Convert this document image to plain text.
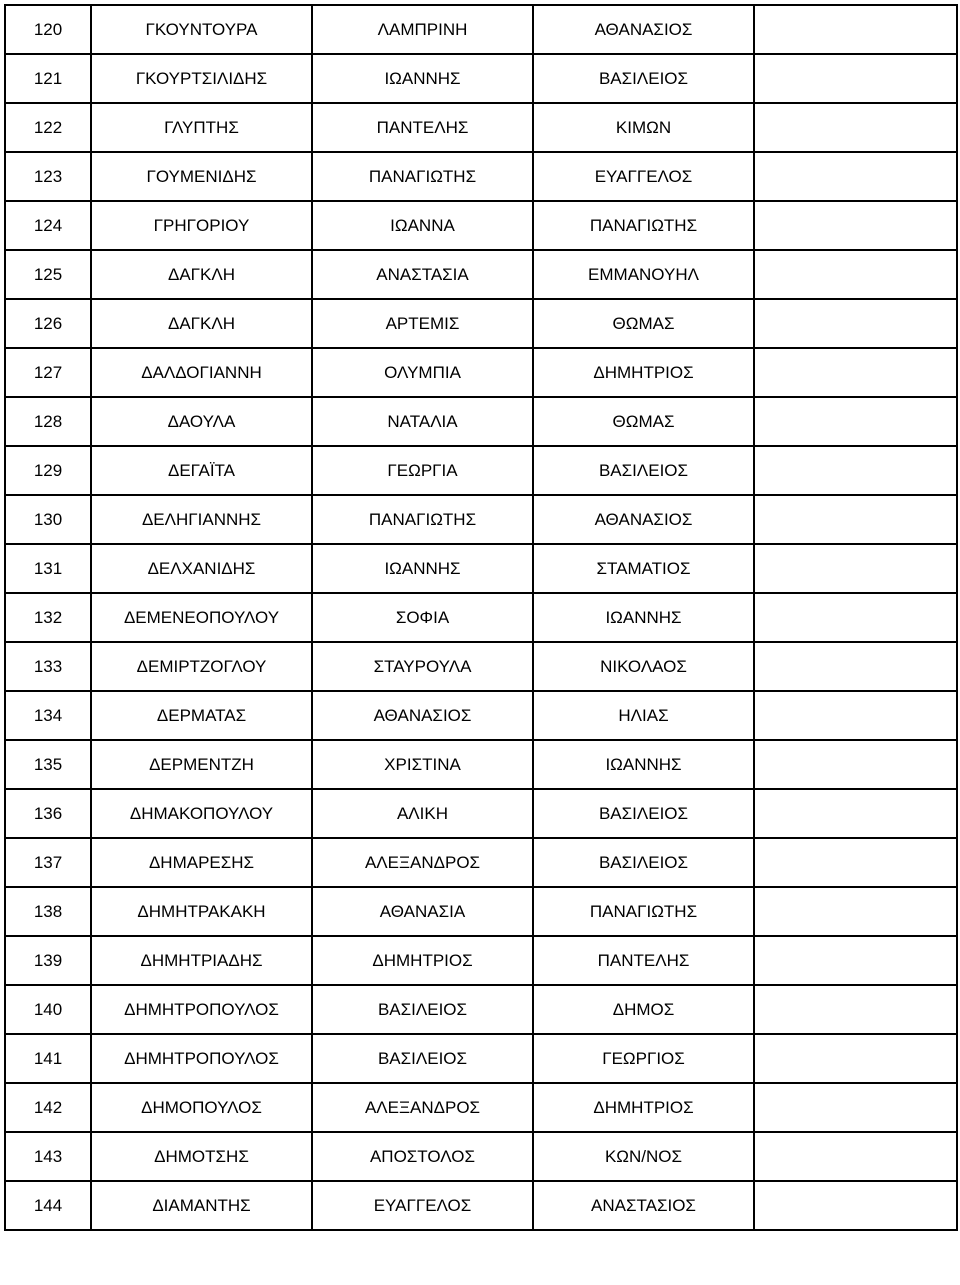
120	ΓΚΟΥΝΤΟΥΡΑ	ΛΑΜΠΡΙΝΗ	ΑΘΑΝΑΣΙΟΣ	
121	ΓΚΟΥΡΤΣΙΛΙΔΗΣ	ΙΩΑΝΝΗΣ	ΒΑΣΙΛΕΙΟΣ	
122	ΓΛΥΠΤΗΣ	ΠΑΝΤΕΛΗΣ	ΚΙΜΩΝ	
123	ΓΟΥΜΕΝΙΔΗΣ	ΠΑΝΑΓΙΩΤΗΣ	ΕΥΑΓΓΕΛΟΣ	
124	ΓΡΗΓΟΡΙΟΥ	ΙΩΑΝΝΑ	ΠΑΝΑΓΙΩΤΗΣ	
125	ΔΑΓΚΛΗ	ΑΝΑΣΤΑΣΙΑ	ΕΜΜΑΝΟΥΗΛ	
126	ΔΑΓΚΛΗ	ΑΡΤΕΜΙΣ	ΘΩΜΑΣ	
127	ΔΑΛΔΟΓΙΑΝΝΗ	ΟΛΥΜΠΙΑ	ΔΗΜΗΤΡΙΟΣ	
128	ΔΑΟΥΛΑ	ΝΑΤΑΛΙΑ	ΘΩΜΑΣ	
129	ΔΕΓΑΪΤΑ	ΓΕΩΡΓΙΑ	ΒΑΣΙΛΕΙΟΣ	
130	ΔΕΛΗΓΙΑΝΝΗΣ	ΠΑΝΑΓΙΩΤΗΣ	ΑΘΑΝΑΣΙΟΣ	
131	ΔΕΛΧΑΝΙΔΗΣ	ΙΩΑΝΝΗΣ	ΣΤΑΜΑΤΙΟΣ	
132	ΔΕΜΕΝΕΟΠΟΥΛΟΥ	ΣΟΦΙΑ	ΙΩΑΝΝΗΣ	
133	ΔΕΜΙΡΤΖΟΓΛΟΥ	ΣΤΑΥΡΟΥΛΑ	ΝΙΚΟΛΑΟΣ	
134	ΔΕΡΜΑΤΑΣ	ΑΘΑΝΑΣΙΟΣ	ΗΛΙΑΣ	
135	ΔΕΡΜΕΝΤΖΗ	ΧΡΙΣΤΙΝΑ	ΙΩΑΝΝΗΣ	
136	ΔΗΜΑΚΟΠΟΥΛΟΥ	ΑΛΙΚΗ	ΒΑΣΙΛΕΙΟΣ	
137	ΔΗΜΑΡΕΣΗΣ	ΑΛΕΞΑΝΔΡΟΣ	ΒΑΣΙΛΕΙΟΣ	
138	ΔΗΜΗΤΡΑΚΑΚΗ	ΑΘΑΝΑΣΙΑ	ΠΑΝΑΓΙΩΤΗΣ	
139	ΔΗΜΗΤΡΙΑΔΗΣ	ΔΗΜΗΤΡΙΟΣ	ΠΑΝΤΕΛΗΣ	
140	ΔΗΜΗΤΡΟΠΟΥΛΟΣ	ΒΑΣΙΛΕΙΟΣ	ΔΗΜΟΣ	
141	ΔΗΜΗΤΡΟΠΟΥΛΟΣ	ΒΑΣΙΛΕΙΟΣ	ΓΕΩΡΓΙΟΣ	
142	ΔΗΜΟΠΟΥΛΟΣ	ΑΛΕΞΑΝΔΡΟΣ	ΔΗΜΗΤΡΙΟΣ	
143	ΔΗΜΟΤΣΗΣ	ΑΠΟΣΤΟΛΟΣ	ΚΩΝ/ΝΟΣ	
144	ΔΙΑΜΑΝΤΗΣ	ΕΥΑΓΓΕΛΟΣ	ΑΝΑΣΤΑΣΙΟΣ	
